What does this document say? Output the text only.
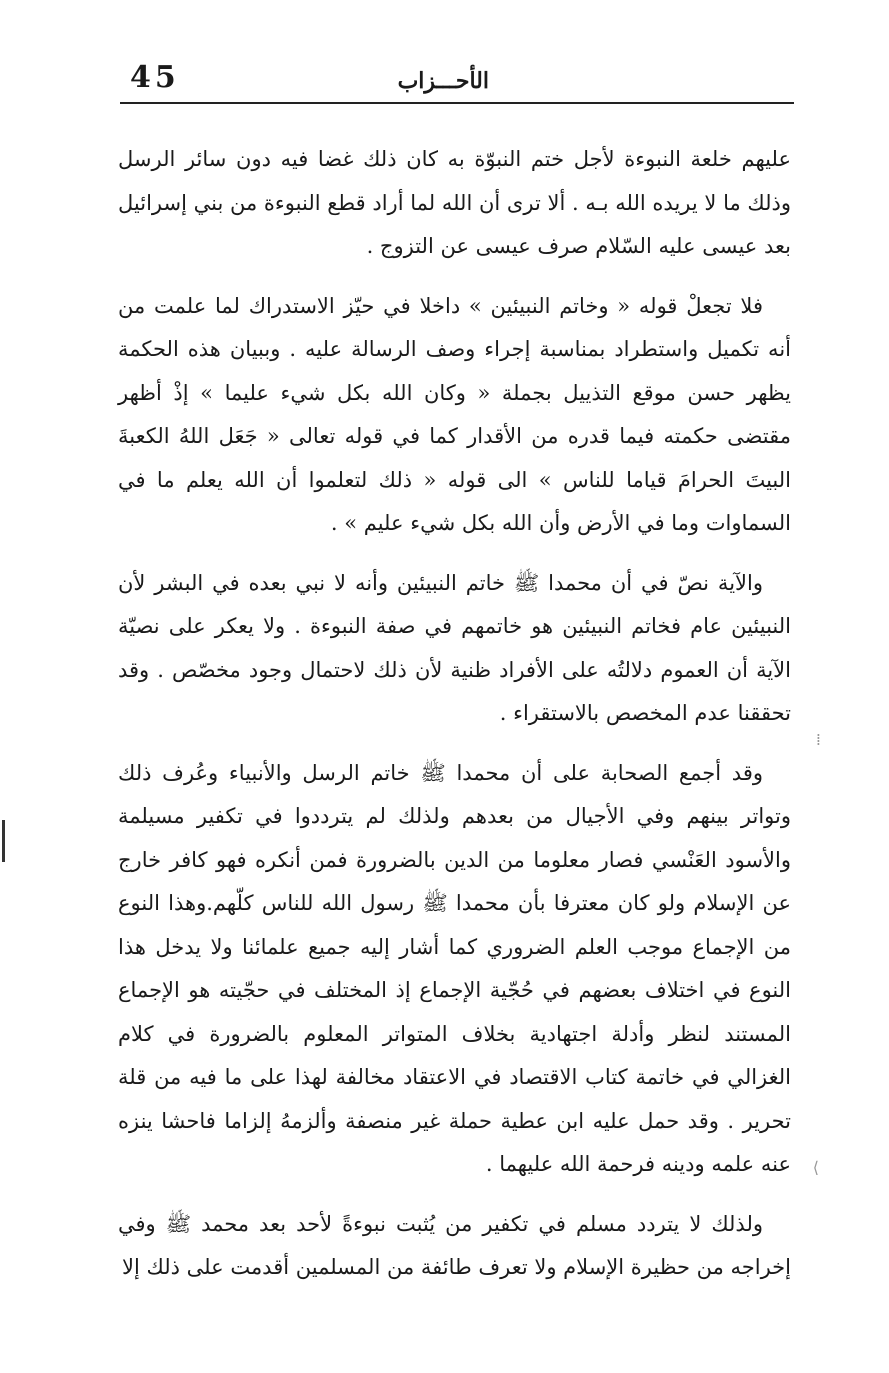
الأحـــزاب
45

عليهم خلعة النبوءة لأجل ختم النبوّة به كان ذلك غضا فيه دون سائر الرسل وذلك ما لا يريده الله بـه . ألا ترى أن الله لما أراد قطع النبوءة من بني إسرائيل بعد عيسى عليه السّلام صرف عيسى عن التزوج .

فلا تجعلْ قوله « وخاتم النبيئين » داخلا في حيّز الاستدراك لما علمت من أنه تكميل واستطراد بمناسبة إجراء وصف الرسالة عليه . وببيان هذه الحكمة يظهر حسن موقع التذييل بجملة « وكان الله بكل شيء عليما » إذْ أظهر مقتضى حكمته فيما قدره من الأقدار كما في قوله تعالى « جَعَل اللهُ الكعبةَ البيتَ الحرامَ قياما للناس » الى قوله « ذلك لتعلموا أن الله يعلم ما في السماوات وما في الأرض وأن الله بكل شيء عليم » .

والآية نصّ في أن محمدا ﷺ خاتم النبيئين وأنه لا نبي بعده في البشر لأن النبيئين عام فخاتم النبيئين هو خاتمهم في صفة النبوءة . ولا يعكر على نصيّة الآية أن العموم دلالتُه على الأفراد ظنية لأن ذلك لاحتمال وجود مخصّص . وقد تحققنا عدم المخصص بالاستقراء .

وقد أجمع الصحابة على أن محمدا ﷺ خاتم الرسل والأنبياء وعُرف ذلك وتواتر بينهم وفي الأجيال من بعدهم ولذلك لم يترددوا في تكفير مسيلمة والأسود العَنْسي فصار معلوما من الدين بالضرورة فمن أنكره فهو كافر خارج عن الإسلام ولو كان معترفا بأن محمدا ﷺ رسول الله للناس كلّهم.وهذا النوع من الإجماع موجب العلم الضروري كما أشار إليه جميع علمائنا ولا يدخل هذا النوع في اختلاف بعضهم في حُجّية الإجماع إذ المختلف في حجّيته هو الإجماع المستند لنظر وأدلة اجتهادية بخلاف المتواتر المعلوم بالضرورة في كلام الغزالي في خاتمة كتاب الاقتصاد في الاعتقاد مخالفة لهذا على ما فيه من قلة تحرير . وقد حمل عليه ابن عطية حملة غير منصفة وألزمهُ إلزاما فاحشا ينزه عنه علمه ودينه فرحمة الله عليهما .

ولذلك لا يتردد مسلم في تكفير من يُثبت نبوءةً لأحد بعد محمد ﷺ وفي إخراجه من حظيرة الإسلام ولا تعرف طائفة من المسلمين أقدمت على ذلك إلا

⁞
⟩
